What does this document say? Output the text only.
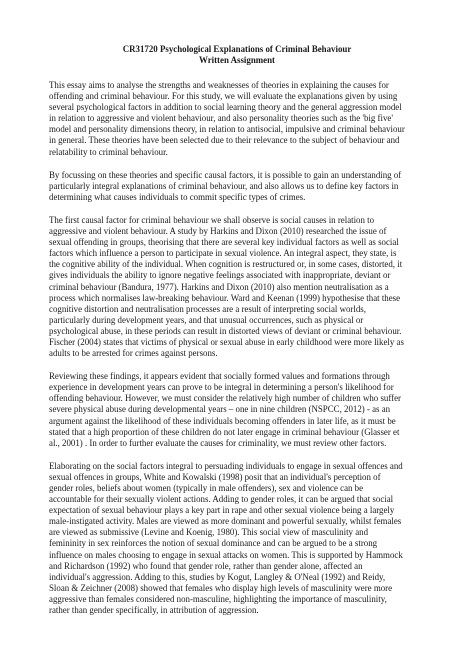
CR31720 Psychological Explanations of Criminal Behaviour
Written Assignment
This essay aims to analyse the strengths and weaknesses of theories in explaining the causes for
offending and criminal behaviour. For this study, we will evaluate the explanations given by using
several psychological factors in addition to social learning theory and the general aggression model
in relation to aggressive and violent behaviour, and also personality theories such as the 'big five'
model and personality dimensions theory, in relation to antisocial, impulsive and criminal behaviour
in general. These theories have been selected due to their relevance to the subject of behaviour and
relatability to criminal behaviour.
By focussing on these theories and specific causal factors, it is possible to gain an understanding of
particularly integral explanations of criminal behaviour, and also allows us to define key factors in
determining what causes individuals to commit specific types of crimes.
The first causal factor for criminal behaviour we shall observe is social causes in relation to
aggressive and violent behaviour. A study by Harkins and Dixon (2010) researched the issue of
sexual offending in groups, theorising that there are several key individual factors as well as social
factors which influence a person to participate in sexual violence. An integral aspect, they state, is
the cognitive ability of the individual. When cognition is restructured or, in some cases, distorted, it
gives individuals the ability to ignore negative feelings associated with inappropriate, deviant or
criminal behaviour (Bandura, 1977). Harkins and Dixon (2010) also mention neutralisation as a
process which normalises law-breaking behaviour. Ward and Keenan (1999) hypothesise that these
cognitive distortion and neutralisation processes are a result of interpreting social worlds,
particularly during development years, and that unusual occurrences, such as physical or
psychological abuse, in these periods can result in distorted views of deviant or criminal behaviour.
Fischer (2004) states that victims of physical or sexual abuse in early childhood were more likely as
adults to be arrested for crimes against persons.
Reviewing these findings, it appears evident that socially formed values and formations through
experience in development years can prove to be integral in determining a person's likelihood for
offending behaviour. However, we must consider the relatively high number of children who suffer
severe physical abuse during developmental years – one in nine children (NSPCC, 2012) - as an
argument against the likelihood of these individuals becoming offenders in later life, as it must be
stated that a high proportion of these children do not later engage in criminal behaviour (Glasser et
al., 2001) . In order to further evaluate the causes for criminality, we must review other factors.
Elaborating on the social factors integral to persuading individuals to engage in sexual offences and
sexual offences in groups, White and Kowalski (1998) posit that an individual's perception of
gender roles, beliefs about women (typically in male offenders), sex and violence can be
accountable for their sexually violent actions. Adding to gender roles, it can be argued that social
expectation of sexual behaviour plays a key part in rape and other sexual violence being a largely
male-instigated activity. Males are viewed as more dominant and powerful sexually, whilst females
are viewed as submissive (Levine and Koenig, 1980). This social view of masculinity and
femininity in sex reinforces the notion of sexual dominance and can be argued to be a strong
influence on males choosing to engage in sexual attacks on women. This is supported by Hammock
and Richardson (1992) who found that gender role, rather than gender alone, affected an
individual's aggression. Adding to this, studies by Kogut, Langley & O'Neal (1992) and Reidy,
Sloan & Zeichner (2008) showed that females who display high levels of masculinity were more
aggressive than females considered non-masculine, highlighting the importance of masculinity,
rather than gender specifically, in attribution of aggression.
